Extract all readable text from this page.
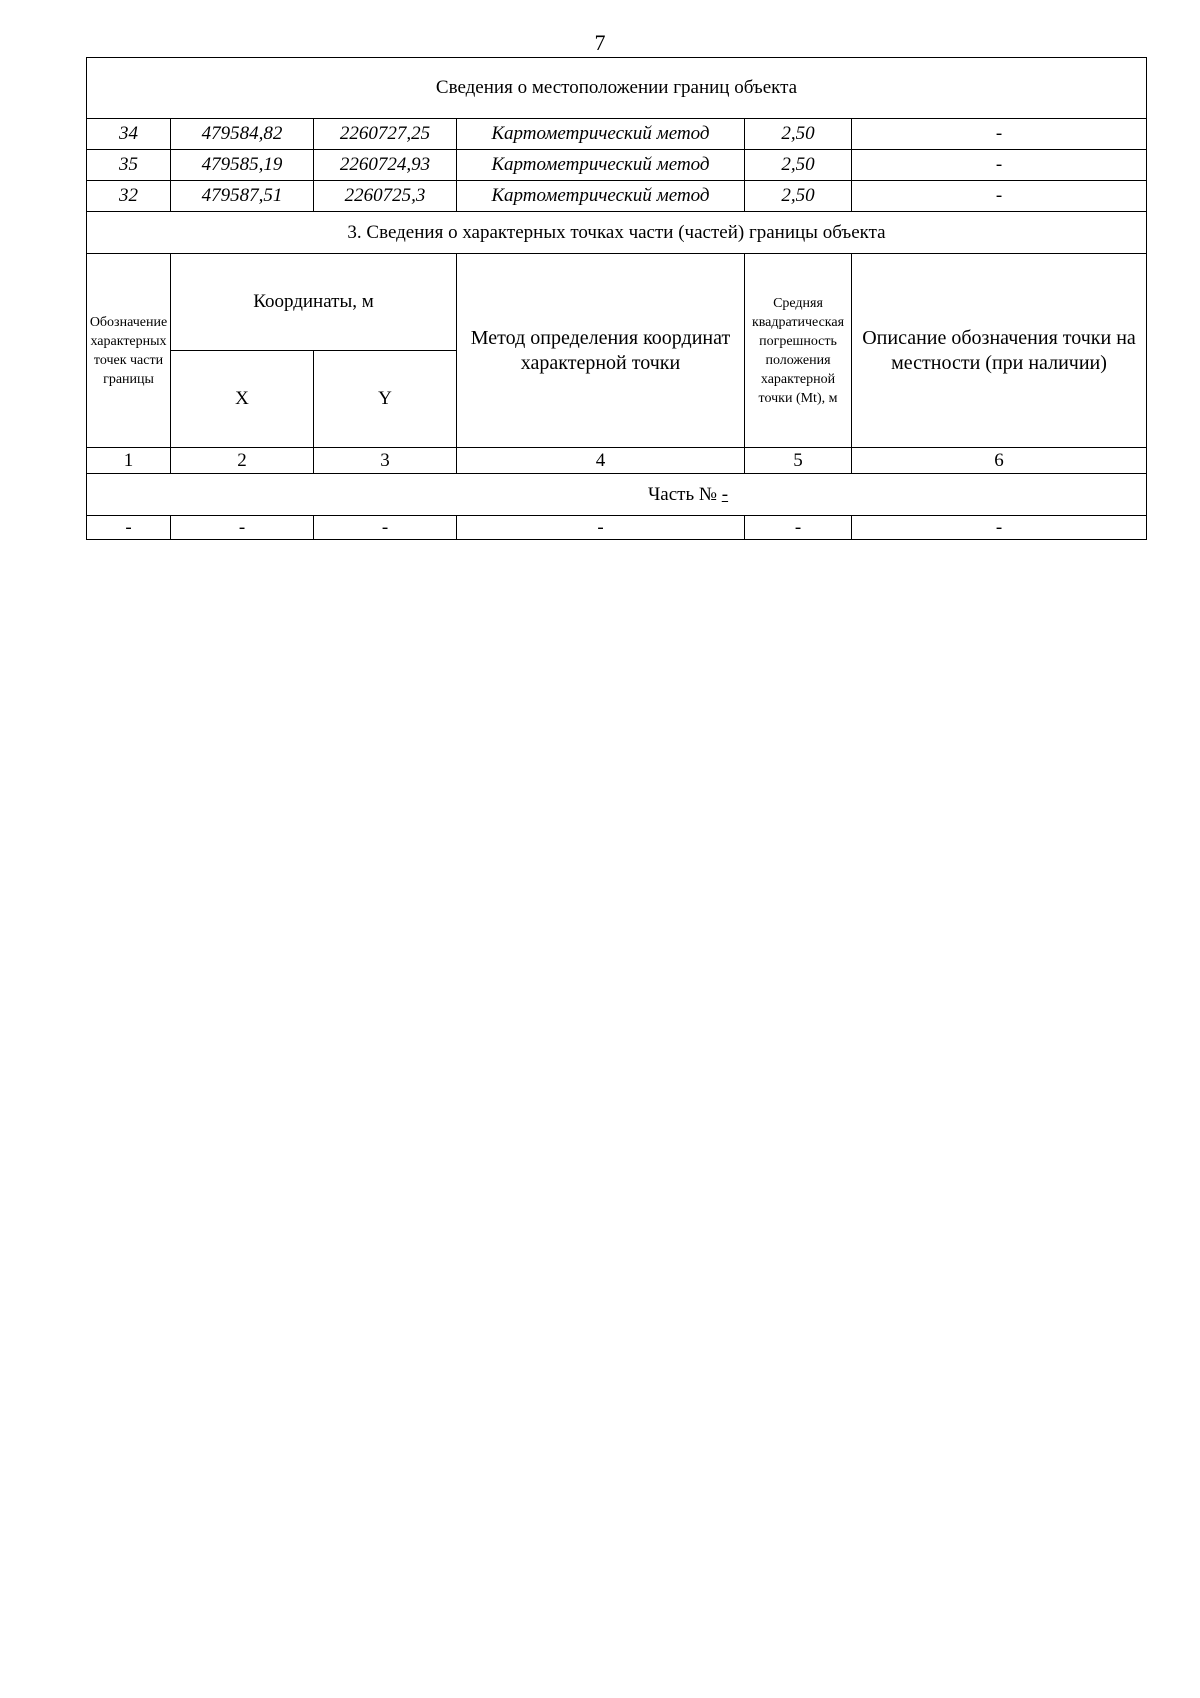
7
Сведения о местоположении границ объекта					
34	479584,82	2260727,25	Картометрический метод	2,50	-
35	479585,19	2260724,93	Картометрический метод	2,50	-
32	479587,51	2260725,3	Картометрический метод	2,50	-
3. Сведения о характерных точках части (частей) границы объекта					
Обозначение характерных точек части границы	Координаты, м		Метод определения координат характерной точки	Средняя квадратическая погрешность положения характерной точки (Mt), м	Описание обозначения точки на местности (при наличии)
	X	Y			
1	2	3	4	5	6
Часть № -					
-	-	-	-	-	-
